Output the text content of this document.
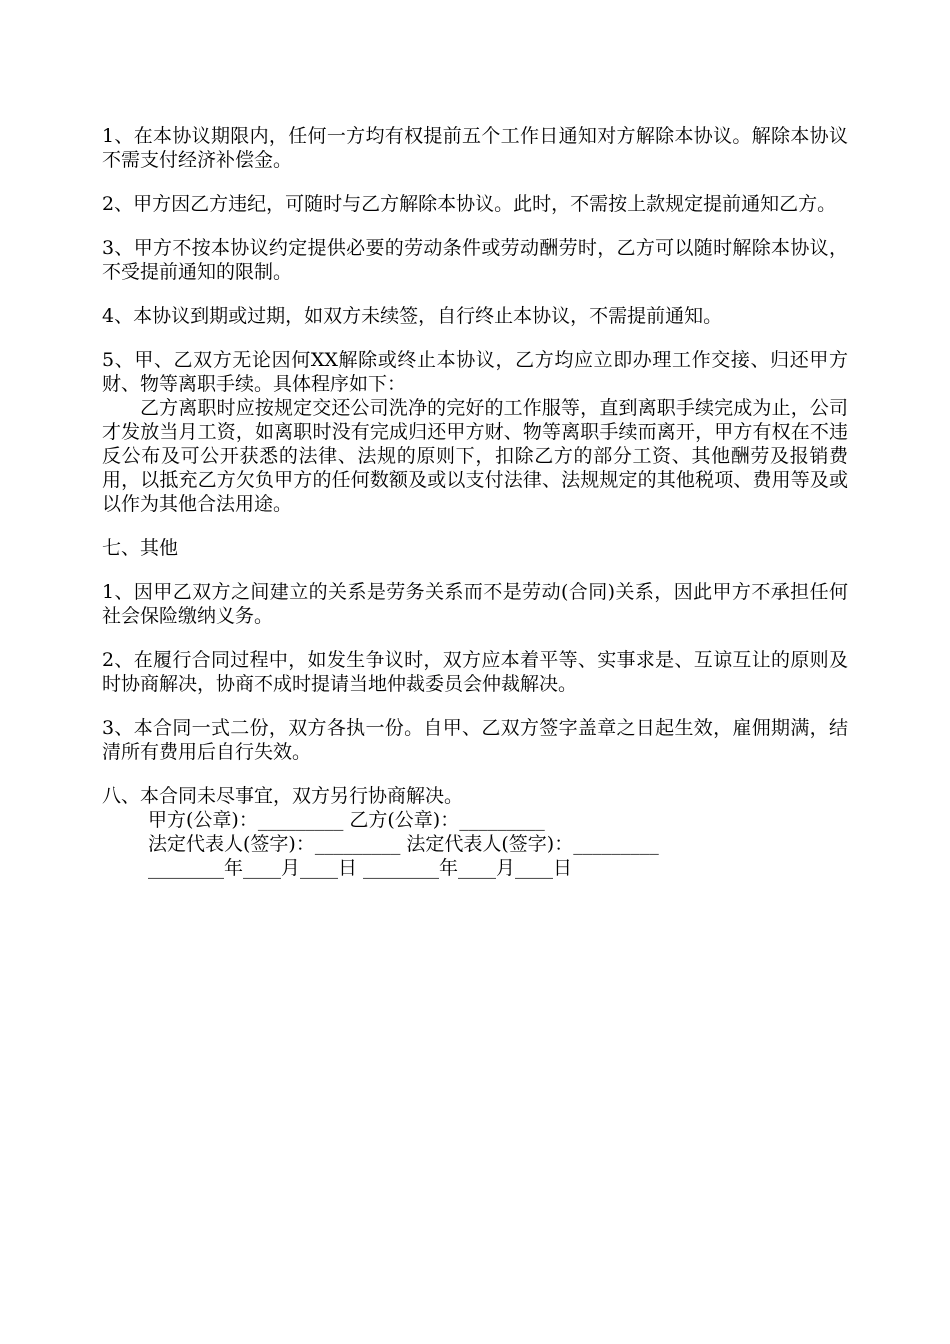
1、在本协议期限内，任何一方均有权提前五个工作日通知对方解除本协议。解除本协议不需支付经济补偿金。

2、甲方因乙方违纪，可随时与乙方解除本协议。此时，不需按上款规定提前通知乙方。

3、甲方不按本协议约定提供必要的劳动条件或劳动酬劳时，乙方可以随时解除本协议，不受提前通知的限制。

4、本协议到期或过期，如双方未续签，自行终止本协议，不需提前通知。

5、甲、乙双方无论因何XX解除或终止本协议，乙方均应立即办理工作交接、归还甲方财、物等离职手续。具体程序如下：

乙方离职时应按规定交还公司洗净的完好的工作服等，直到离职手续完成为止，公司才发放当月工资，如离职时没有完成归还甲方财、物等离职手续而离开，甲方有权在不违反公布及可公开获悉的法律、法规的原则下，扣除乙方的部分工资、其他酬劳及报销费用，以抵充乙方欠负甲方的任何数额及或以支付法律、法规规定的其他税项、费用等及或以作为其他合法用途。

七、其他

1、因甲乙双方之间建立的关系是劳务关系而不是劳动(合同)关系，因此甲方不承担任何社会保险缴纳义务。

2、在履行合同过程中，如发生争议时，双方应本着平等、实事求是、互谅互让的原则及时协商解决，协商不成时提请当地仲裁委员会仲裁解决。

3、本合同一式二份，双方各执一份。自甲、乙双方签字盖章之日起生效，雇佣期满，结清所有费用后自行失效。

八、本合同未尽事宜，双方另行协商解决。

甲方(公章)：_________ 乙方(公章)：_________
法定代表人(签字)：_________ 法定代表人(签字)：_________
________年____月____日 ________年____月____日
